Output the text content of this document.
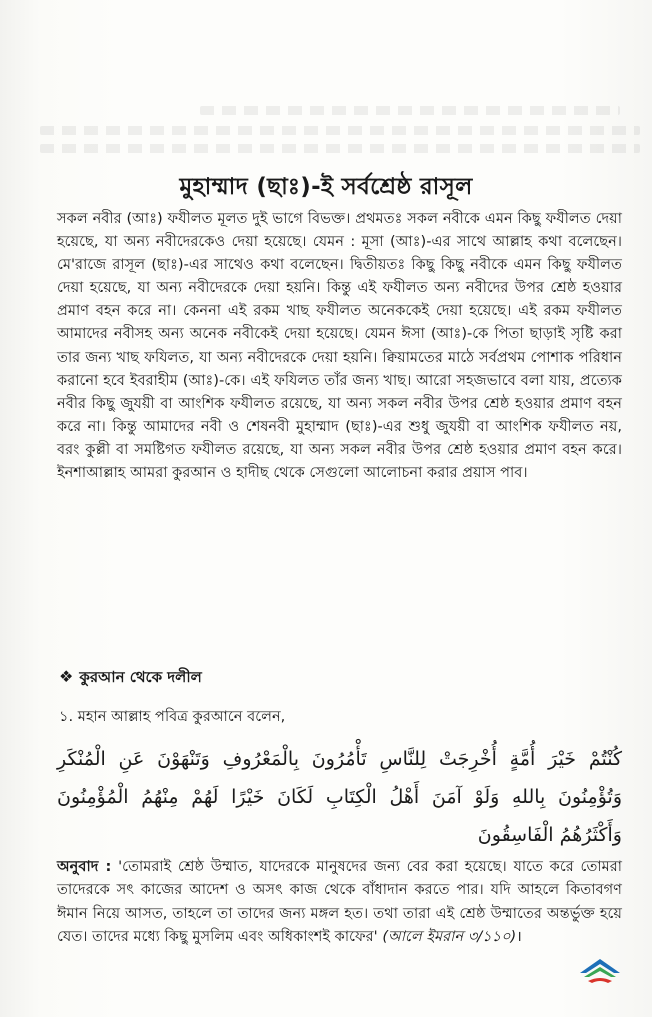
মুহাম্মাদ (ছাঃ)-ই সর্বশ্রেষ্ঠ রাসূল
সকল নবীর (আঃ) ফযীলত মূলত দুই ভাগে বিভক্ত। প্রথমতঃ সকল নবীকে এমন কিছু ফযীলত দেয়া হয়েছে, যা অন্য নবীদেরকেও দেয়া হয়েছে। যেমন : মূসা (আঃ)-এর সাথে আল্লাহ কথা বলেছেন। মে'রাজে রাসূল (ছাঃ)-এর সাথেও কথা বলেছেন। দ্বিতীয়তঃ কিছু কিছু নবীকে এমন কিছু ফযীলত দেয়া হয়েছে, যা অন্য নবীদেরকে দেয়া হয়নি। কিন্তু এই ফযীলত অন্য নবীদের উপর শ্রেষ্ঠ হওয়ার প্রমাণ বহন করে না। কেননা এই রকম খাছ ফযীলত অনেককেই দেয়া হয়েছে। এই রকম ফযীলত আমাদের নবীসহ অন্য অনেক নবীকেই দেয়া হয়েছে। যেমন ঈসা (আঃ)-কে পিতা ছাড়াই সৃষ্টি করা তার জন্য খাছ ফযিলত, যা অন্য নবীদেরকে দেয়া হয়নি। ক্বিয়ামতের মাঠে সর্বপ্রথম পোশাক পরিধান করানো হবে ইবরাহীম (আঃ)-কে। এই ফযিলত তাঁর জন্য খাছ। আরো সহজভাবে বলা যায়, প্রত্যেক নবীর কিছু জুযয়ী বা আংশিক ফযীলত রয়েছে, যা অন্য সকল নবীর উপর শ্রেষ্ঠ হওয়ার প্রমাণ বহন করে না। কিন্তু আমাদের নবী ও শেষনবী মুহাম্মাদ (ছাঃ)-এর শুধু জুযয়ী বা আংশিক ফযীলত নয়, বরং কুল্লী বা সমষ্টিগত ফযীলত রয়েছে, যা অন্য সকল নবীর উপর শ্রেষ্ঠ হওয়ার প্রমাণ বহন করে। ইনশাআল্লাহ আমরা কুরআন ও হাদীছ থেকে সেগুলো আলোচনা করার প্রয়াস পাব।
❖ কুরআন থেকে দলীল
১. মহান আল্লাহ পবিত্র কুরআনে বলেন,
كُنْتُمْ خَيْرَ أُمَّةٍ أُخْرِجَتْ لِلنَّاسِ تَأْمُرُونَ بِالْمَعْرُوفِ وَتَنْهَوْنَ عَنِ الْمُنْكَرِ وَتُؤْمِنُونَ بِاللهِ وَلَوْ آمَنَ أَهْلُ الْكِتَابِ لَكَانَ خَيْرًا لَهُمْ مِنْهُمُ الْمُؤْمِنُونَ وَأَكْثَرُهُمُ الْفَاسِقُونَ
অনুবাদ : 'তোমরাই শ্রেষ্ঠ উম্মাত, যাদেরকে মানুষদের জন্য বের করা হয়েছে। যাতে করে তোমরা তাদেরকে সৎ কাজের আদেশ ও অসৎ কাজ থেকে বাঁধাদান করতে পার। যদি আহলে কিতাবগণ ঈমান নিয়ে আসত, তাহলে তা তাদের জন্য মঙ্গল হত। তথা তারা এই শ্রেষ্ঠ উম্মাতের অন্তর্ভুক্ত হয়ে যেত। তাদের মধ্যে কিছু মুসলিম এবং অধিকাংশই কাফের' (আলে ইমরান ৩/১১০)।
